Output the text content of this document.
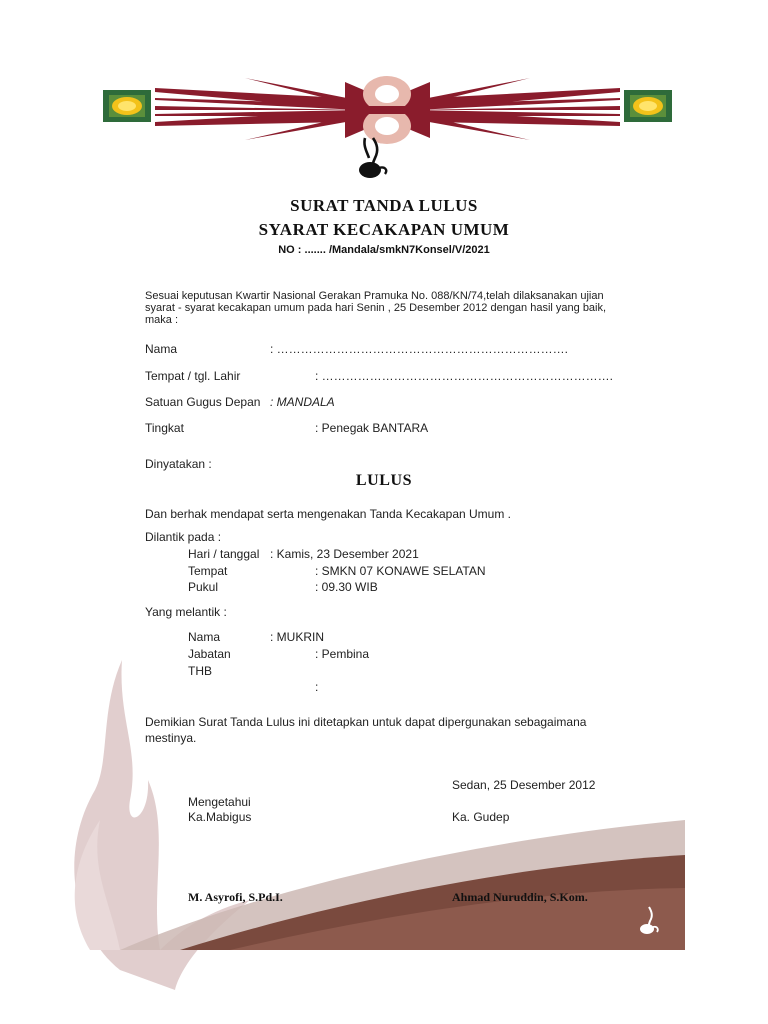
SURAT TANDA LULUS
SYARAT KECAKAPAN UMUM
NO : ....... /Mandala/smkN7Konsel/V/2021
Sesuai keputusan Kwartir Nasional Gerakan Pramuka No. 088/KN/74,telah dilaksanakan ujian syarat - syarat kecakapan umum pada hari Senin , 25 Desember 2012 dengan hasil yang baik, maka :
Nama	: ……………………………………………………………….
Tempat / tgl. Lahir	: ……………………………………………………………….
Satuan Gugus Depan : MANDALA
Tingkat	: Penegak BANTARA
Dinyatakan :
LULUS
Dan berhak mendapat serta mengenakan Tanda Kecakapan Umum .
Dilantik pada :
Hari / tanggal : Kamis, 23 Desember 2021
Tempat	: SMKN 07 KONAWE SELATAN
Pukul	: 09.30 WIB
Yang melantik :
Nama	: MUKRIN
Jabatan	: Pembina
THB
:
Demikian Surat Tanda Lulus ini ditetapkan untuk dapat dipergunakan sebagaimana mestinya.
Sedan, 25 Desember 2012
Mengetahui
Ka.Mabigus	Ka. Gudep
M. Asyrofi, S.Pd.I.	Ahmad Nuruddin, S.Kom.
